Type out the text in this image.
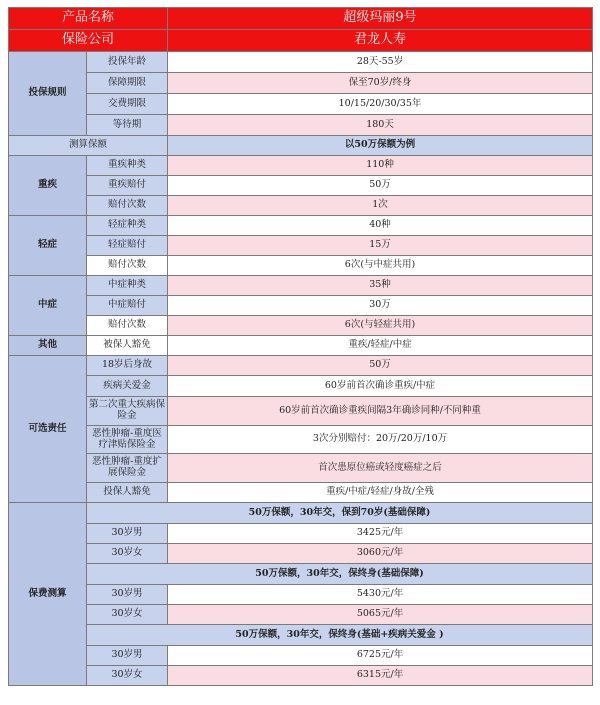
产品名称		超级玛丽9号
保险公司		君龙人寿
投保规则	投保年龄	28天-55岁
	保障期限	保至70岁/终身
	交费期限	10/15/20/30/35年
	等待期	180天
测算保额		以50万保额为例
重疾	重疾种类	110种
	重疾赔付	50万
	赔付次数	1次
轻症	轻症种类	40种
	轻症赔付	15万
	赔付次数	6次(与中症共用)
中症	中症种类	35种
	中症赔付	30万
	赔付次数	6次(与轻症共用)
其他	被保人豁免	重疾/轻症/中症
可选责任	18岁后身故	50万
	疾病关爱金	60岁前首次确诊重疾/中症
	第二次重大疾病保险金	60岁前首次确诊重疾间隔3年确诊同种/不同种重
	恶性肿瘤-重度医疗津贴保险金	3次分别赔付：20万/20万/10万
	恶性肿瘤-重度扩展保险金	首次患原位癌或轻度癌症之后
	投保人豁免	重疾/中症/轻症/身故/全残
保费测算	50万保额，30年交，保到70岁(基础保障)	
	30岁男	3425元/年
	30岁女	3060元/年
	50万保额，30年交，保终身(基础保障)	
	30岁男	5430元/年
	30岁女	5065元/年
	50万保额，30年交，保终身(基础+疾病关爱金 )	
	30岁男	6725元/年
	30岁女	6315元/年
